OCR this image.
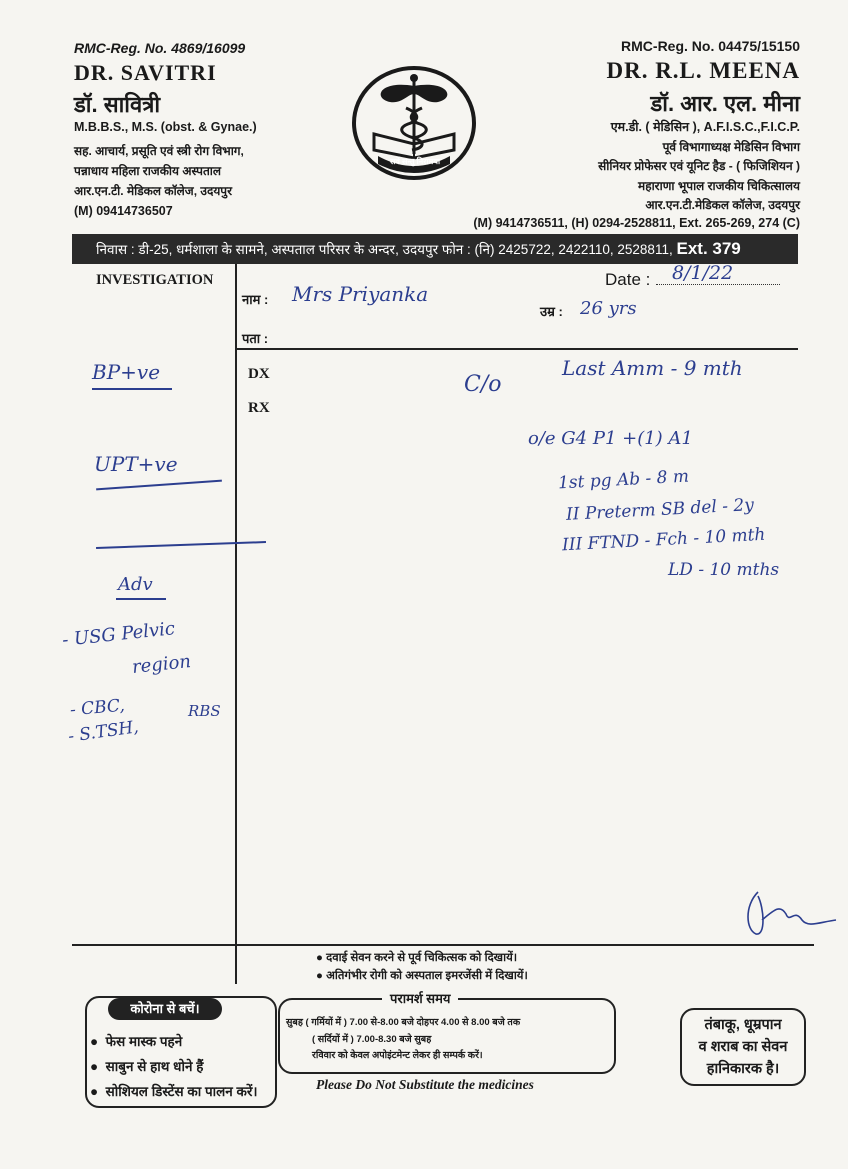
RMC-Reg. No. 4869/16099
DR. SAVITRI
डॉ. सावित्री
M.B.B.S., M.S. (obst. & Gynae.)
सह. आचार्य, प्रसूति एवं स्त्री रोग विभाग,
पन्नाधाय महिला राजकीय अस्पताल
आर.एन.टी. मेडिकल कॉलेज, उदयपुर
(M) 09414736507
सर्वे सन्तु निरामया
RMC-Reg. No. 04475/15150
DR. R.L. MEENA
डॉ. आर. एल. मीना
एम.डी. ( मेडिसिन ), A.F.I.S.C.,F.I.C.P.
पूर्व विभागाध्यक्ष मेडिसिन विभाग
सीनियर प्रोफेसर एवं यूनिट हैड - ( फिजिशियन )
महाराणा भूपाल राजकीय चिकित्सालय
आर.एन.टी.मेडिकल कॉलेज, उदयपुर
(M) 9414736511, (H) 0294-2528811, Ext. 265-269, 274 (C)
निवास : डी-25, धर्मशाला के सामने, अस्पताल परिसर के अन्दर, उदयपुर फोन : (नि) 2425722, 2422110, 2528811, Ext. 379
INVESTIGATION
नाम :
Date :
उम्र :
पता :
DX
RX
Mrs Priyanka
8/1/22
26 yrs
BP+ve
UPT+ve
Adv
- USG Pelvic
region
- CBC,
- S.TSH,
RBS
C/o
Last Amm - 9 mth
o/e G4 P1 +(1) A1
1st pg Ab - 8 m
II Preterm SB del - 2y
III FTND - Fch - 10 mth
LD - 10 mths
● दवाई सेवन करने से पूर्व चिकित्सक को दिखायें।
● अतिगंभीर रोगी को अस्पताल इमरजेंसी में दिखायें।
कोरोना से बचें।
●  फेस मास्क पहने
●  साबुन से हाथ धोने हैं
●  सोशियल डिस्टेंस का पालन करें।
परामर्श समय
सुबह ( गर्मियों में ) 7.00 से-8.00 बजे दोहपर 4.00 से 8.00 बजे तक
( सर्दियों में ) 7.00-8.30 बजे सुबह
रविवार को केवल अपोइंटमेन्ट लेकर ही सम्पर्क करें।
Please Do Not Substitute the medicines
तंबाकू, धूम्रपान
व शराब का सेवन
हानिकारक है।
